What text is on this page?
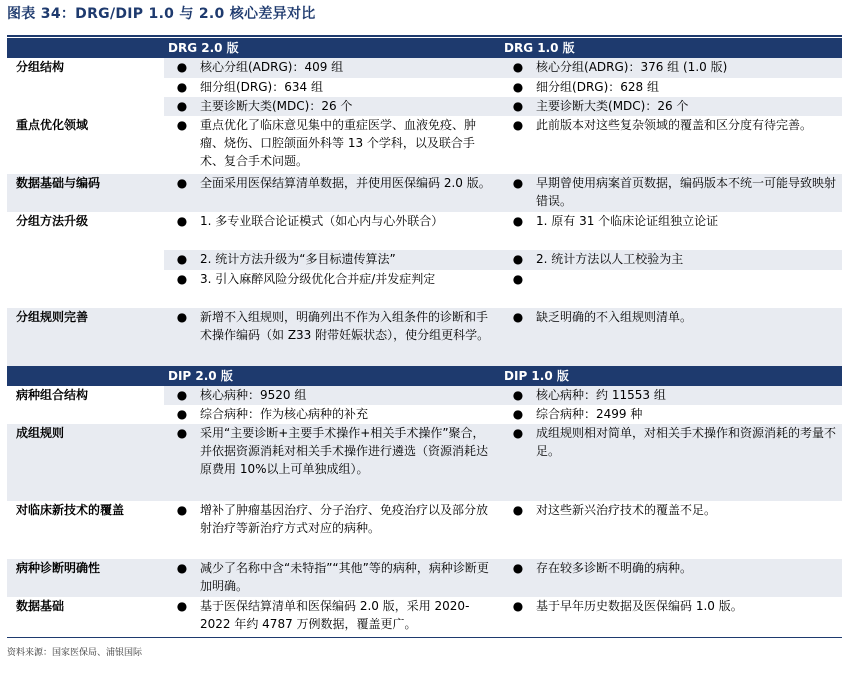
图表 34：DRG/DIP 1.0 与 2.0 核心差异对比
	DRG 2.0 版		DRG 1.0 版	
分组结构	●	核心分组(ADRG)：409 组	●	核心分组(ADRG)：376 组 (1.0 版)
	●	细分组(DRG)：634 组	●	细分组(DRG)：628 组
	●	主要诊断大类(MDC)：26 个	●	主要诊断大类(MDC)：26 个
重点优化领域	●	重点优化了临床意见集中的重症医学、血液免疫、肿瘤、烧伤、口腔颌面外科等 13 个学科，以及联合手术、复合手术问题。	●	此前版本对这些复杂领域的覆盖和区分度有待完善。
数据基础与编码	●	全面采用医保结算清单数据，并使用医保编码 2.0 版。	●	早期曾使用病案首页数据，编码版本不统一可能导致映射错误。
分组方法升级	●	1. 多专业联合论证模式（如心内与心外联合）	●	1. 原有 31 个临床论证组独立论证
	●	2. 统计方法升级为“多目标遗传算法”	●	2. 统计方法以人工校验为主
	●	3. 引入麻醉风险分级优化合并症/并发症判定	●	
分组规则完善	●	新增不入组规则，明确列出不作为入组条件的诊断和手术操作编码（如 Z33 附带妊娠状态），使分组更科学。	●	缺乏明确的不入组规则清单。
	DIP 2.0 版		DIP 1.0 版	
病种组合结构	●	核心病种：9520 组	●	核心病种：约 11553 组
	●	综合病种：作为核心病种的补充	●	综合病种：2499 种
成组规则	●	采用“主要诊断+主要手术操作+相关手术操作”聚合，并依据资源消耗对相关手术操作进行遴选（资源消耗达原费用 10%以上可单独成组）。	●	成组规则相对简单，对相关手术操作和资源消耗的考量不足。
对临床新技术的覆盖	●	增补了肿瘤基因治疗、分子治疗、免疫治疗以及部分放射治疗等新治疗方式对应的病种。	●	对这些新兴治疗技术的覆盖不足。
病种诊断明确性	●	减少了名称中含“未特指”“其他”等的病种，病种诊断更加明确。	●	存在较多诊断不明确的病种。
数据基础	●	基于医保结算清单和医保编码 2.0 版，采用 2020-2022 年约 4787 万例数据，覆盖更广。	●	基于早年历史数据及医保编码 1.0 版。
资料来源：国家医保局、浦银国际
